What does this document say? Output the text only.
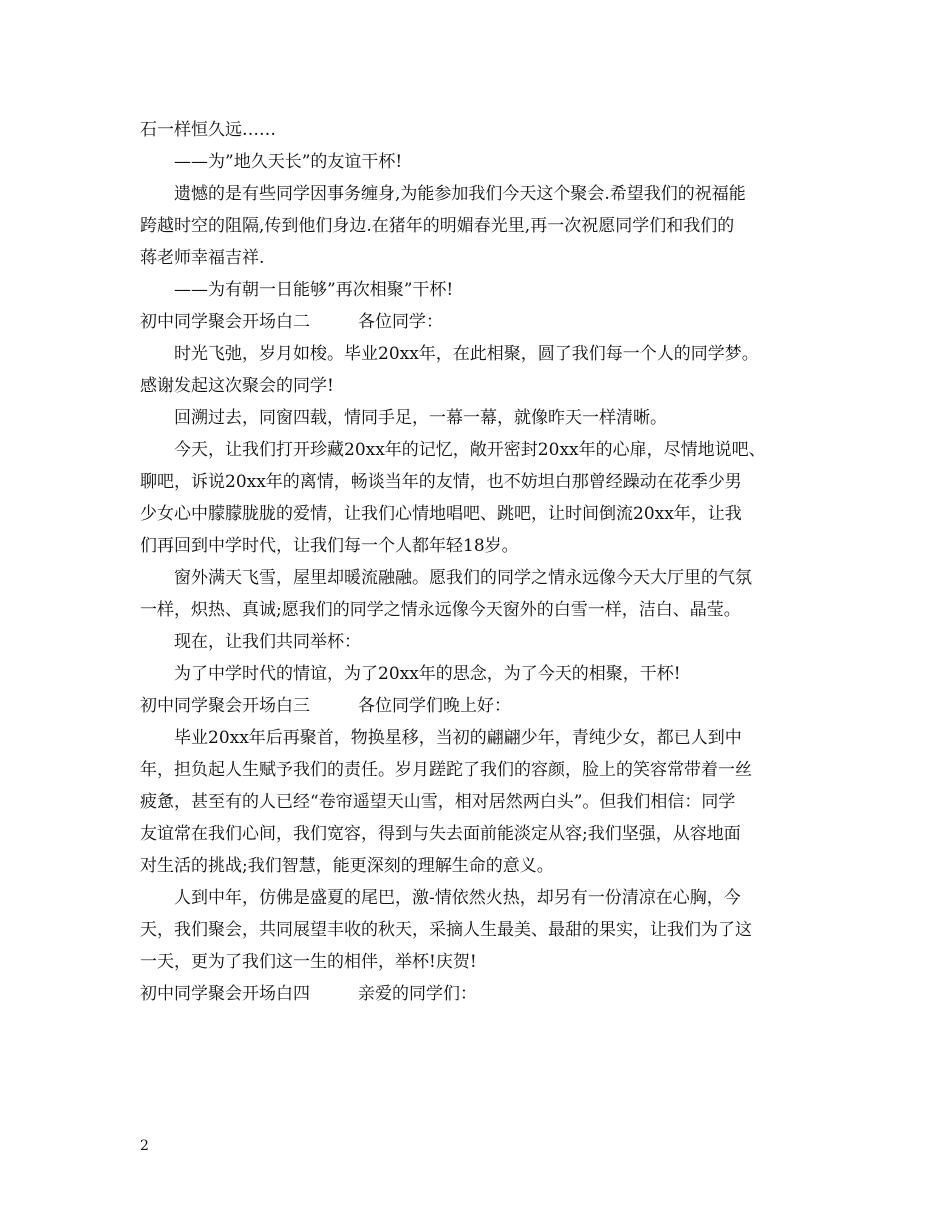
石一样恒久远……
——为”地久天长”的友谊干杯!
遗憾的是有些同学因事务缠身,为能参加我们今天这个聚会.希望我们的祝福能
跨越时空的阻隔,传到他们身边.在猪年的明媚春光里,再一次祝愿同学们和我们的
蒋老师幸福吉祥.
——为有朝一日能够”再次相聚”干杯!
初中同学聚会开场白二	各位同学：
时光飞弛，岁月如梭。毕业20xx年，在此相聚，圆了我们每一个人的同学梦。
感谢发起这次聚会的同学!
回溯过去，同窗四载，情同手足，一幕一幕，就像昨天一样清晰。
今天，让我们打开珍藏20xx年的记忆，敞开密封20xx年的心扉，尽情地说吧、
聊吧，诉说20xx年的离情，畅谈当年的友情，也不妨坦白那曾经躁动在花季少男
少女心中朦朦胧胧的爱情，让我们心情地唱吧、跳吧，让时间倒流20xx年，让我
们再回到中学时代，让我们每一个人都年轻18岁。
窗外满天飞雪，屋里却暖流融融。愿我们的同学之情永远像今天大厅里的气氛
一样，炽热、真诚;愿我们的同学之情永远像今天窗外的白雪一样，洁白、晶莹。
现在，让我们共同举杯：
为了中学时代的情谊，为了20xx年的思念，为了今天的相聚，干杯!
初中同学聚会开场白三	各位同学们晚上好：
毕业20xx年后再聚首，物换星移，当初的翩翩少年，青纯少女，都已人到中
年，担负起人生赋予我们的责任。岁月蹉跎了我们的容颜，脸上的笑容常带着一丝
疲惫，甚至有的人已经“卷帘遥望天山雪，相对居然两白头”。但我们相信：同学
友谊常在我们心间，我们宽容，得到与失去面前能淡定从容;我们坚强，从容地面
对生活的挑战;我们智慧，能更深刻的理解生命的意义。
人到中年，仿佛是盛夏的尾巴，激-情依然火热，却另有一份清凉在心胸，今
天，我们聚会，共同展望丰收的秋天，采摘人生最美、最甜的果实，让我们为了这
一天，更为了我们这一生的相伴，举杯!庆贺!
初中同学聚会开场白四	亲爱的同学们：
2
